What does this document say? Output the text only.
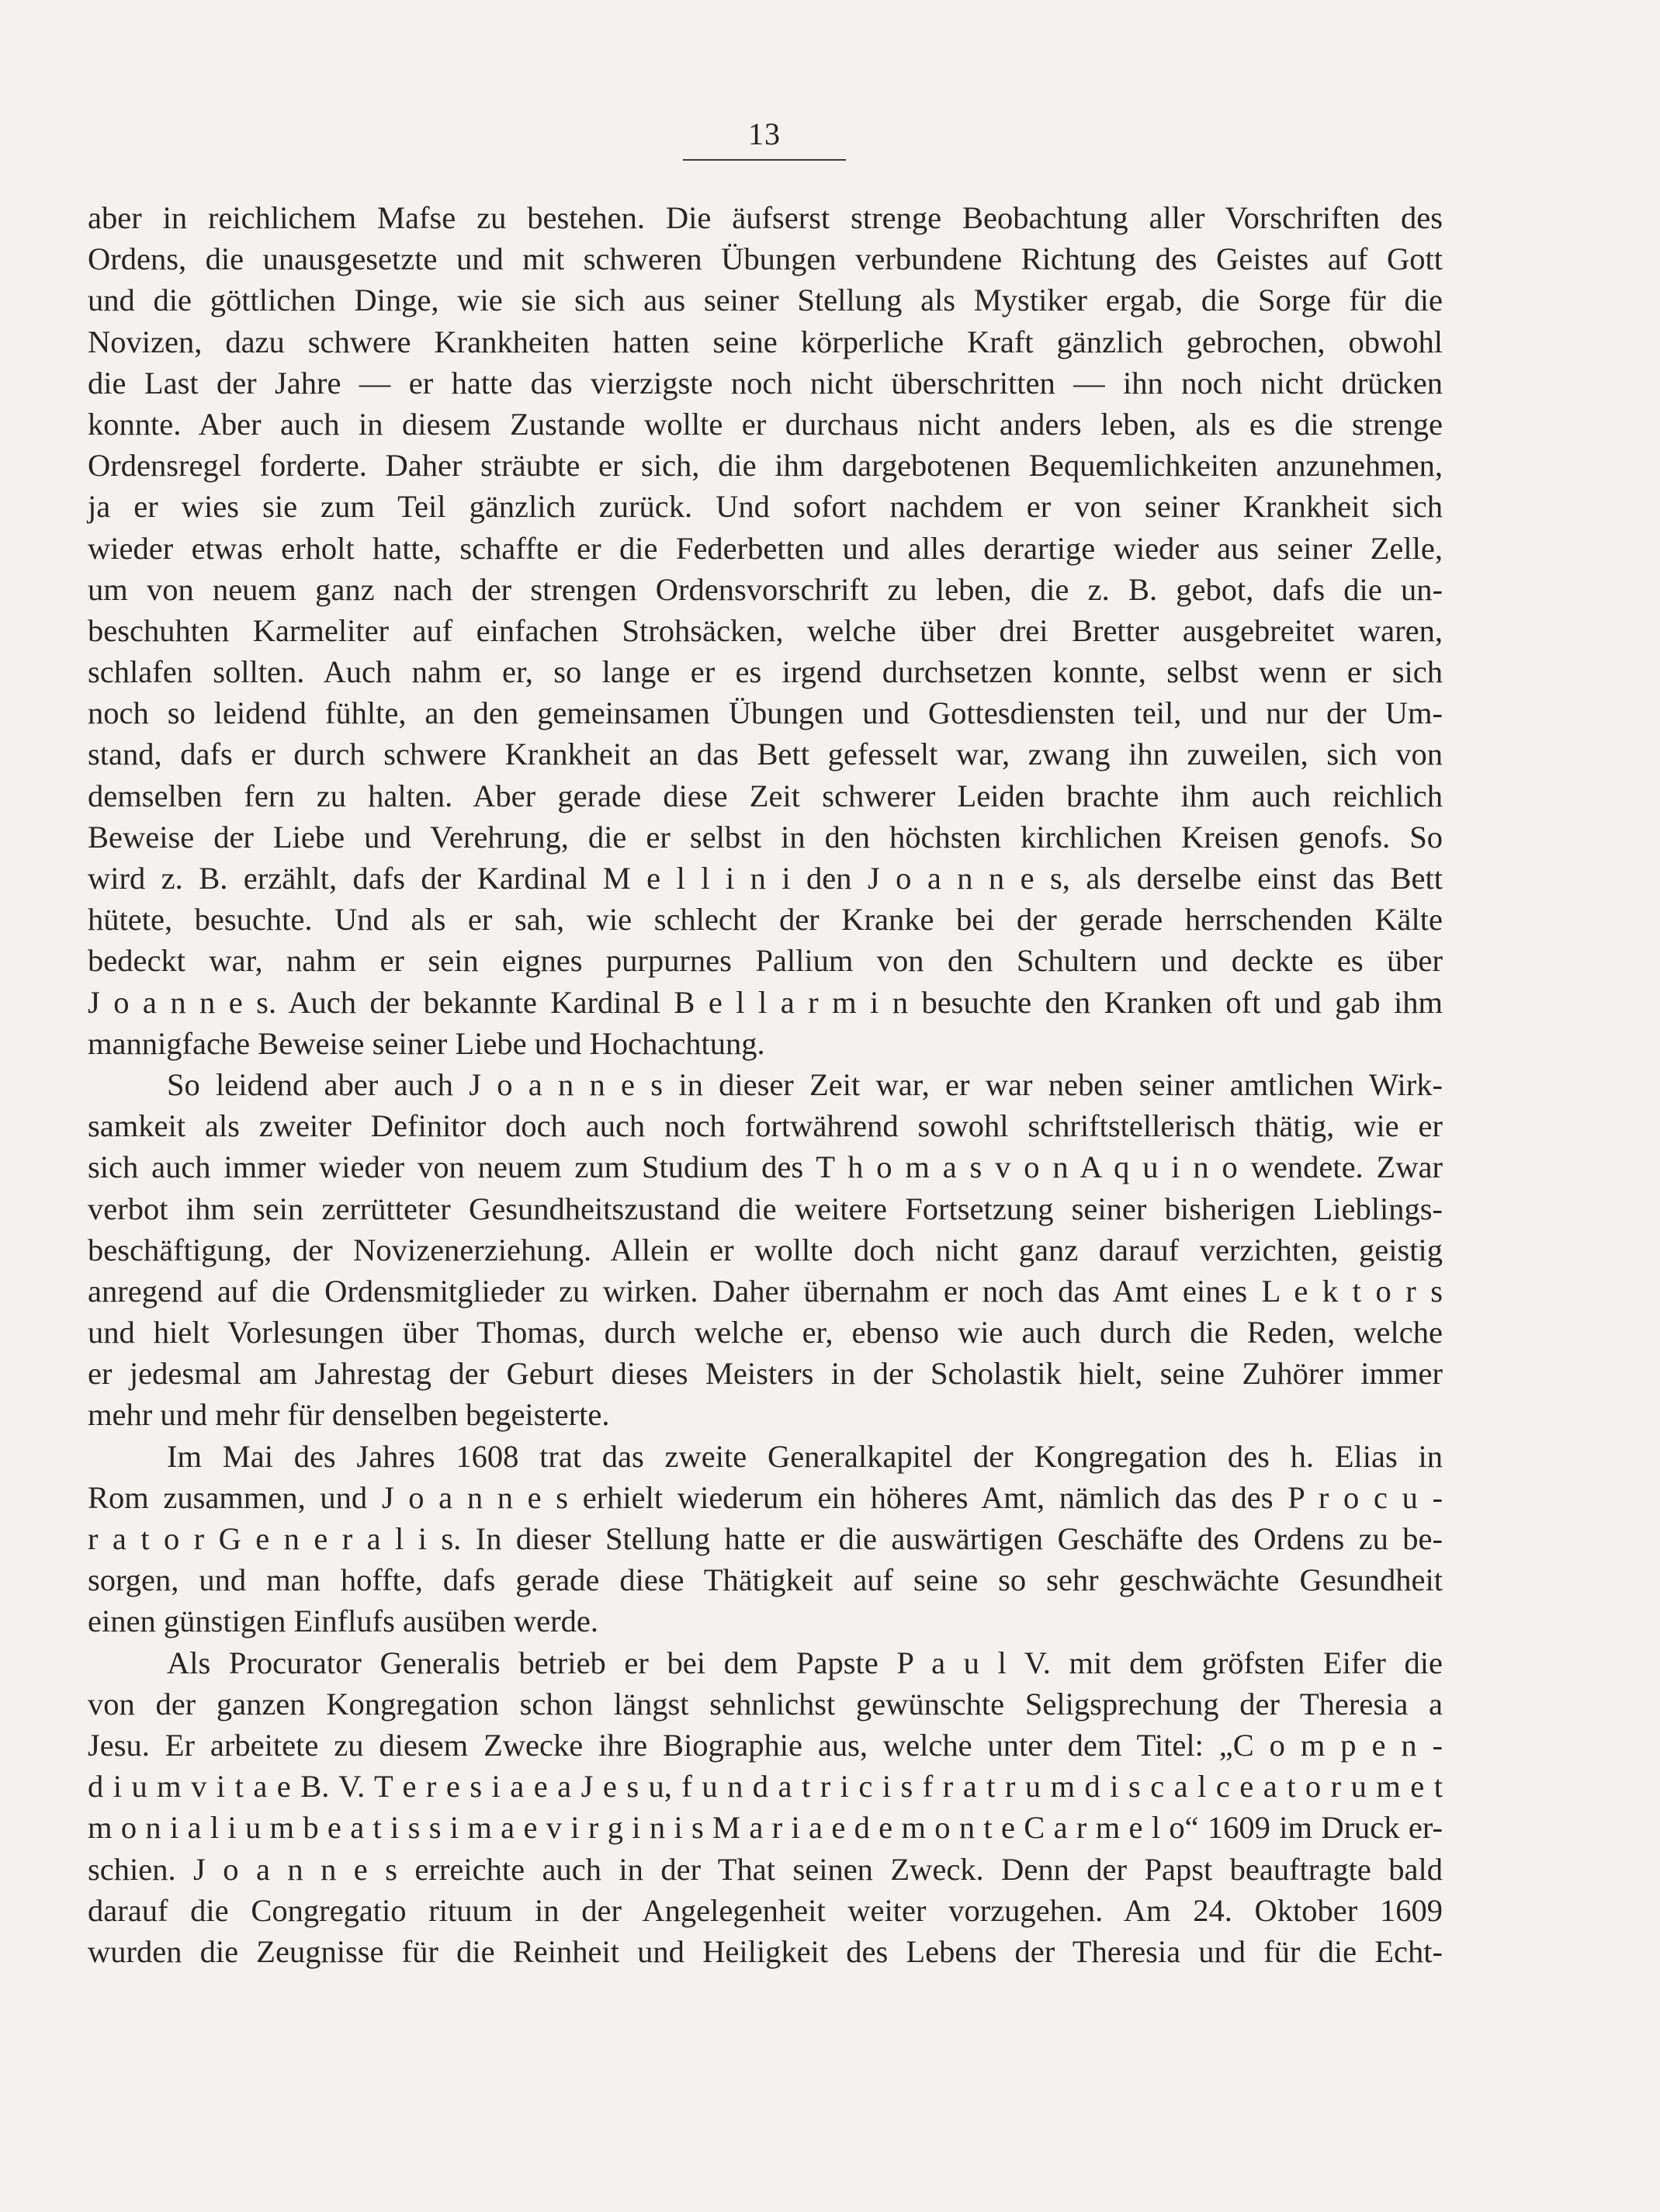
13
aber in reichlichem Mafse zu bestehen. Die äufserst strenge Beobachtung aller Vorschriften des
Ordens, die unausgesetzte und mit schweren Übungen verbundene Richtung des Geistes auf Gott
und die göttlichen Dinge, wie sie sich aus seiner Stellung als Mystiker ergab, die Sorge für die
Novizen, dazu schwere Krankheiten hatten seine körperliche Kraft gänzlich gebrochen, obwohl
die Last der Jahre — er hatte das vierzigste noch nicht überschritten — ihn noch nicht drücken
konnte. Aber auch in diesem Zustande wollte er durchaus nicht anders leben, als es die strenge
Ordensregel forderte. Daher sträubte er sich, die ihm dargebotenen Bequemlichkeiten anzunehmen,
ja er wies sie zum Teil gänzlich zurück. Und sofort nachdem er von seiner Krankheit sich
wieder etwas erholt hatte, schaffte er die Federbetten und alles derartige wieder aus seiner Zelle,
um von neuem ganz nach der strengen Ordensvorschrift zu leben, die z. B. gebot, dafs die un-
beschuhten Karmeliter auf einfachen Strohsäcken, welche über drei Bretter ausgebreitet waren,
schlafen sollten. Auch nahm er, so lange er es irgend durchsetzen konnte, selbst wenn er sich
noch so leidend fühlte, an den gemeinsamen Übungen und Gottesdiensten teil, und nur der Um-
stand, dafs er durch schwere Krankheit an das Bett gefesselt war, zwang ihn zuweilen, sich von
demselben fern zu halten. Aber gerade diese Zeit schwerer Leiden brachte ihm auch reichlich
Beweise der Liebe und Verehrung, die er selbst in den höchsten kirchlichen Kreisen genofs. So
wird z. B. erzählt, dafs der Kardinal M e l l i n i den J o a n n e s, als derselbe einst das Bett
hütete, besuchte. Und als er sah, wie schlecht der Kranke bei der gerade herrschenden Kälte
bedeckt war, nahm er sein eignes purpurnes Pallium von den Schultern und deckte es über
J o a n n e s. Auch der bekannte Kardinal B e l l a r m i n besuchte den Kranken oft und gab ihm
mannigfache Beweise seiner Liebe und Hochachtung.
So leidend aber auch J o a n n e s in dieser Zeit war, er war neben seiner amtlichen Wirk-
samkeit als zweiter Definitor doch auch noch fortwährend sowohl schriftstellerisch thätig, wie er
sich auch immer wieder von neuem zum Studium des T h o m a s v o n A q u i n o wendete. Zwar
verbot ihm sein zerrütteter Gesundheitszustand die weitere Fortsetzung seiner bisherigen Lieblings-
beschäftigung, der Novizenerziehung. Allein er wollte doch nicht ganz darauf verzichten, geistig
anregend auf die Ordensmitglieder zu wirken. Daher übernahm er noch das Amt eines L e k t o r s
und hielt Vorlesungen über Thomas, durch welche er, ebenso wie auch durch die Reden, welche
er jedesmal am Jahrestag der Geburt dieses Meisters in der Scholastik hielt, seine Zuhörer immer
mehr und mehr für denselben begeisterte.
Im Mai des Jahres 1608 trat das zweite Generalkapitel der Kongregation des h. Elias in
Rom zusammen, und J o a n n e s erhielt wiederum ein höheres Amt, nämlich das des P r o c u -
r a t o r G e n e r a l i s. In dieser Stellung hatte er die auswärtigen Geschäfte des Ordens zu be-
sorgen, und man hoffte, dafs gerade diese Thätigkeit auf seine so sehr geschwächte Gesundheit
einen günstigen Einflufs ausüben werde.
Als Procurator Generalis betrieb er bei dem Papste P a u l V. mit dem gröfsten Eifer die
von der ganzen Kongregation schon längst sehnlichst gewünschte Seligsprechung der Theresia a
Jesu. Er arbeitete zu diesem Zwecke ihre Biographie aus, welche unter dem Titel: „C o m p e n -
d i u m v i t a e B. V. T e r e s i a e a J e s u, f u n d a t r i c i s f r a t r u m d i s c a l c e a t o r u m e t
m o n i a l i u m b e a t i s s i m a e v i r g i n i s M a r i a e d e m o n t e C a r m e l o“ 1609 im Druck er-
schien. J o a n n e s erreichte auch in der That seinen Zweck. Denn der Papst beauftragte bald
darauf die Congregatio rituum in der Angelegenheit weiter vorzugehen. Am 24. Oktober 1609
wurden die Zeugnisse für die Reinheit und Heiligkeit des Lebens der Theresia und für die Echt-
